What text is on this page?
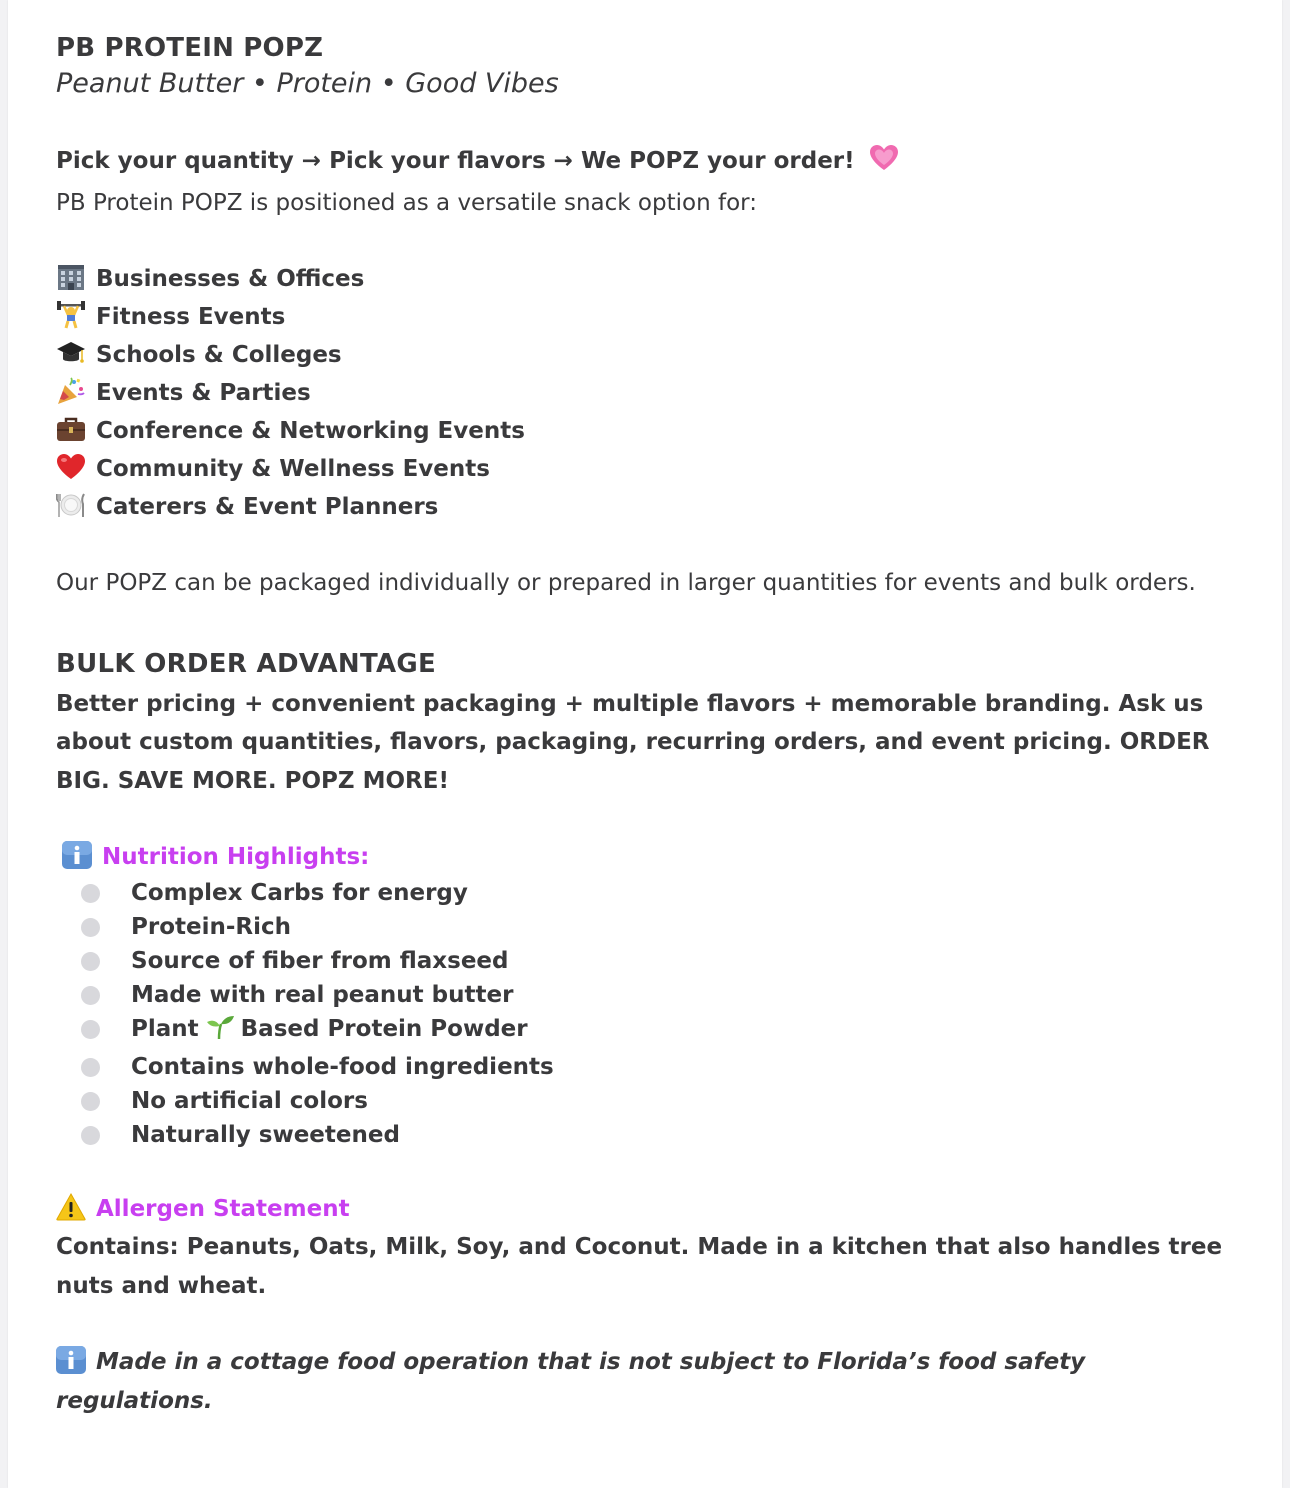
PB PROTEIN POPZ
Peanut Butter • Protein • Good Vibes
Pick your quantity → Pick your flavors → We POPZ your order!
PB Protein POPZ is positioned as a versatile snack option for:
Businesses & Offices
Fitness Events
Schools & Colleges
Events & Parties
Conference & Networking Events
Community & Wellness Events
Caterers & Event Planners
Our POPZ can be packaged individually or prepared in larger quantities for events and bulk orders.
BULK ORDER ADVANTAGE
Better pricing + convenient packaging + multiple flavors + memorable branding. Ask us about custom quantities, flavors, packaging, recurring orders, and event pricing. ORDER BIG. SAVE MORE. POPZ MORE!
Nutrition Highlights:
Complex Carbs for energy
Protein-Rich
Source of fiber from flaxseed
Made with real peanut butter
Plant Based Protein Powder
Contains whole-food ingredients
No artificial colors
Naturally sweetened
Allergen Statement
Contains: Peanuts, Oats, Milk, Soy, and Coconut. Made in a kitchen that also handles tree nuts and wheat.
Made in a cottage food operation that is not subject to Florida’s food safety regulations.
